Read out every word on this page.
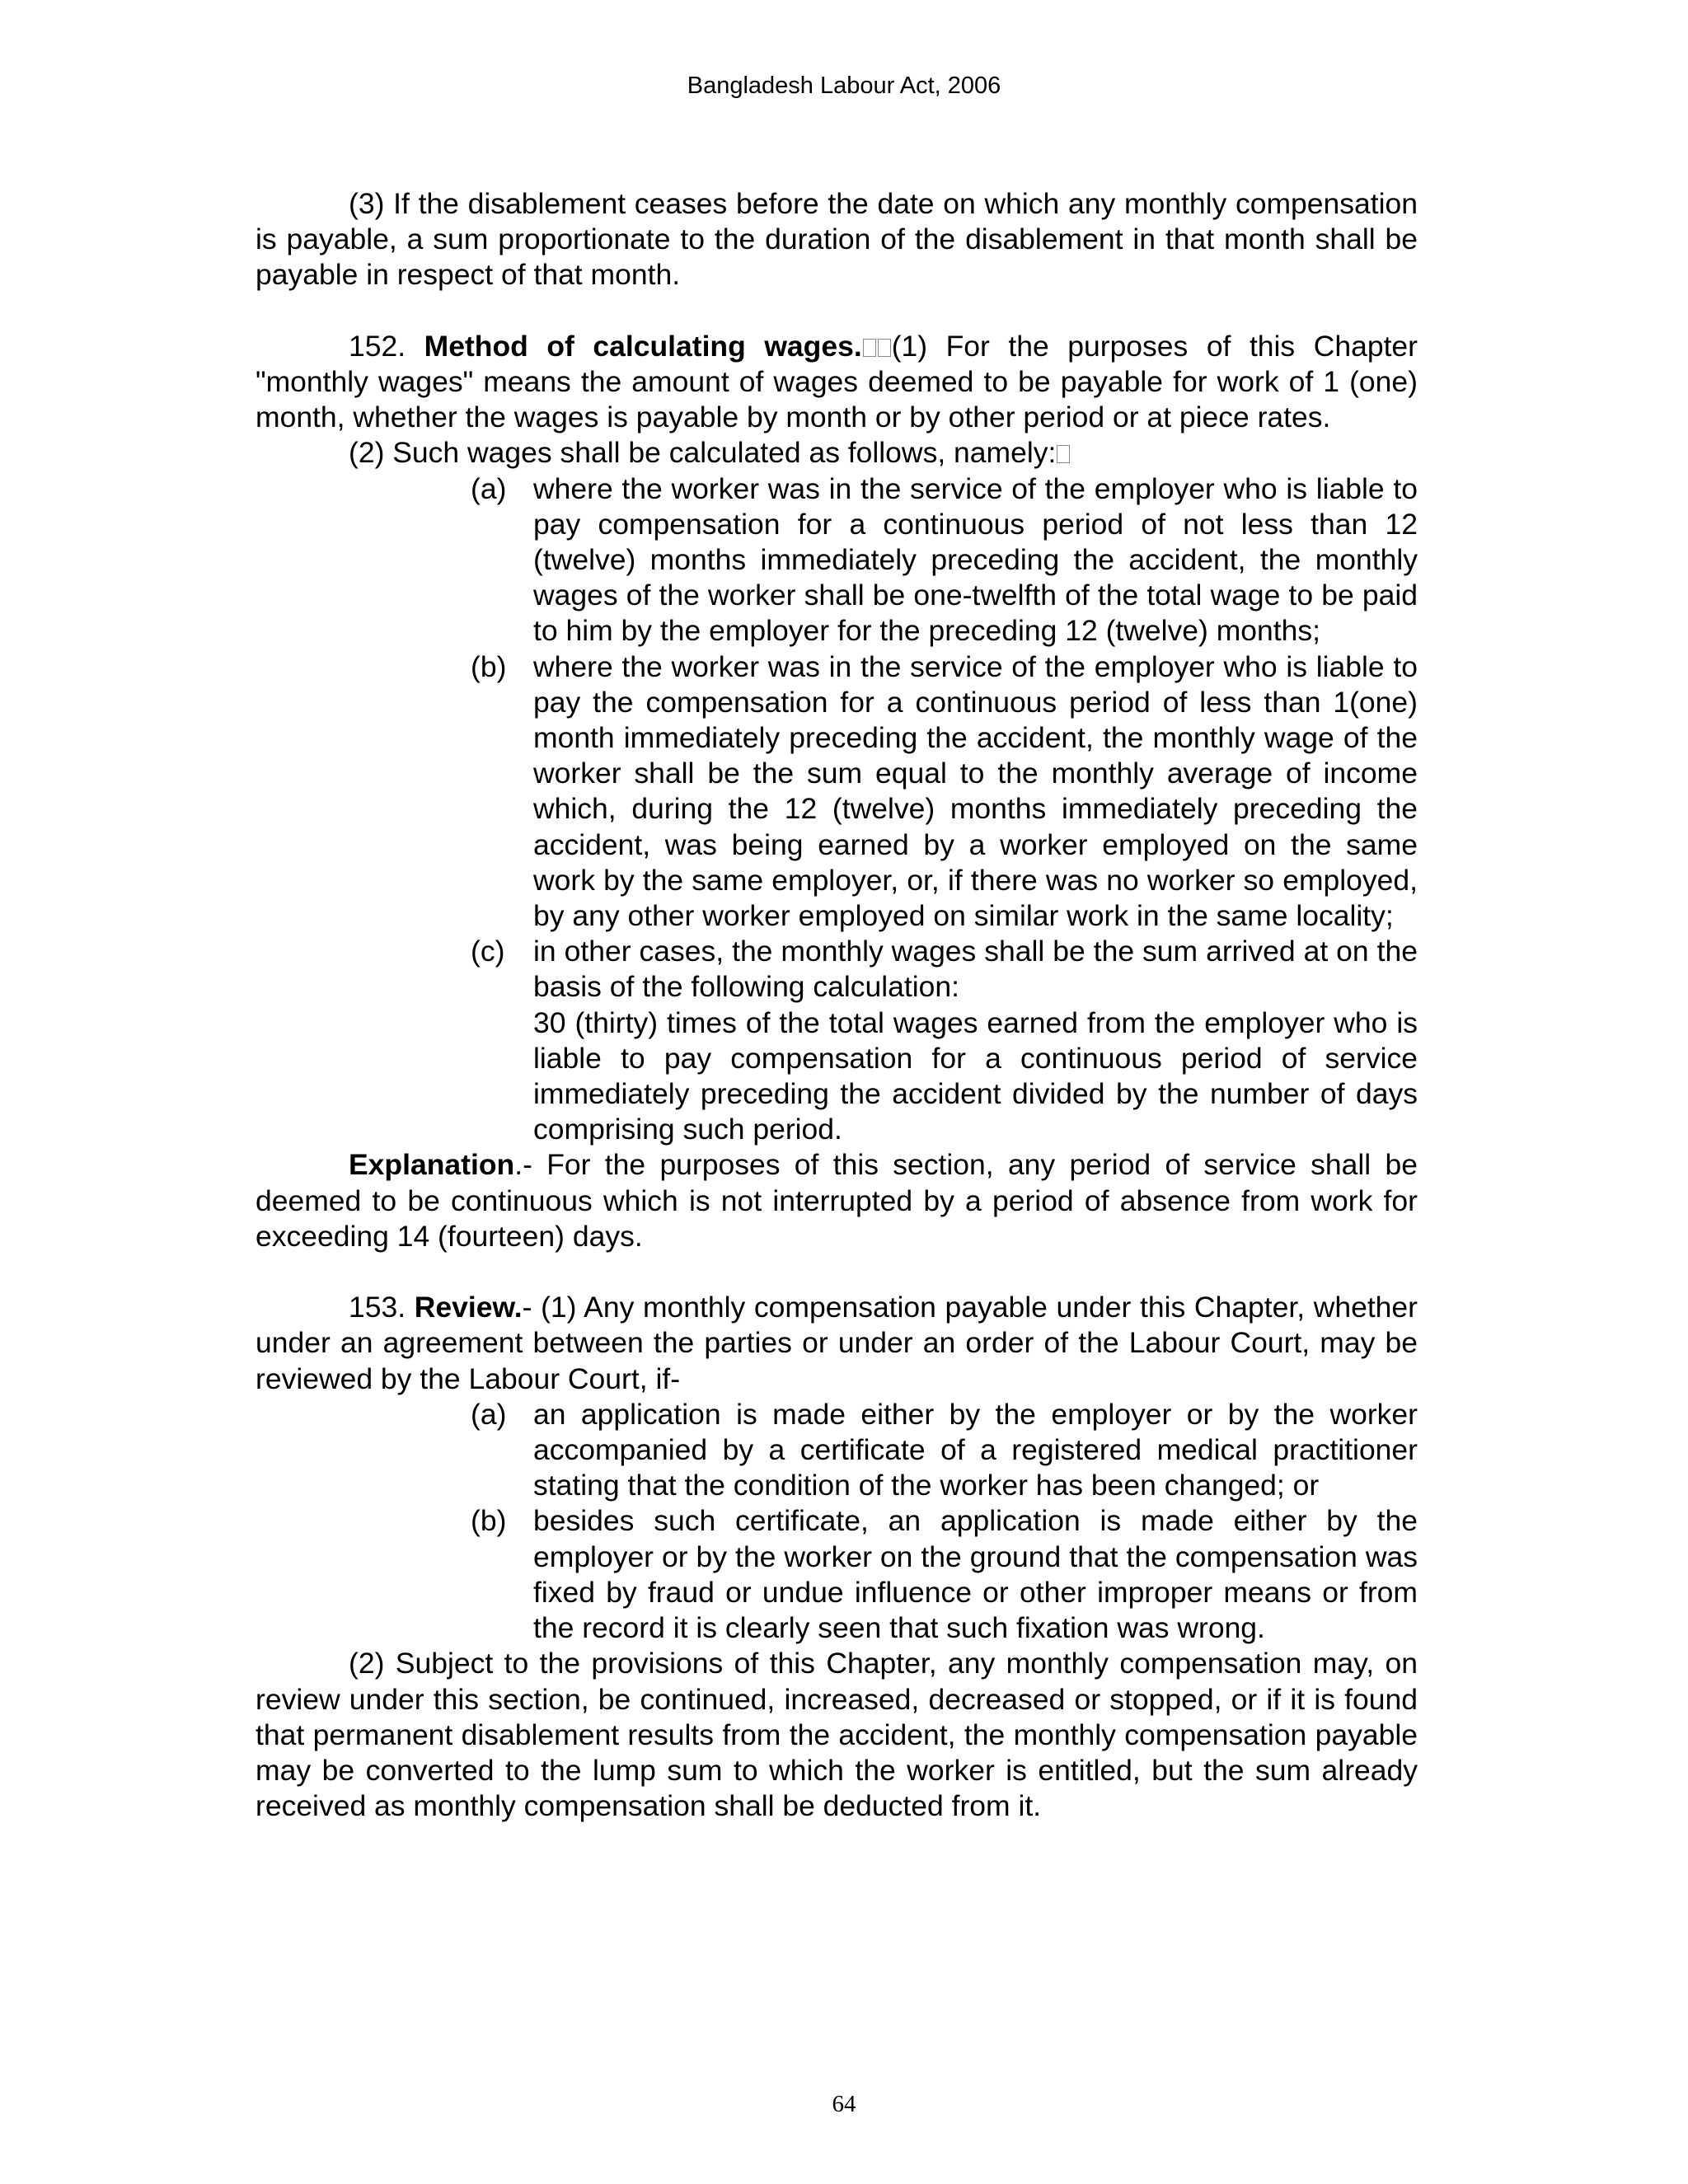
Bangladesh Labour Act, 2006

(3) If the disablement ceases before the date on which any monthly compensation is payable, a sum proportionate to the duration of the disablement in that month shall be payable in respect of that month.

152. Method of calculating wages. (1) For the purposes of this Chapter "monthly wages" means the amount of wages deemed to be payable for work of 1 (one) month, whether the wages is payable by month or by other period or at piece rates.

(2) Such wages shall be calculated as follows, namely:

(a) where the worker was in the service of the employer who is liable to pay compensation for a continuous period of not less than 12 (twelve) months immediately preceding the accident, the monthly wages of the worker shall be one-twelfth of the total wage to be paid to him by the employer for the preceding 12 (twelve) months;
(b) where the worker was in the service of the employer who is liable to pay the compensation for a continuous period of less than 1(one) month immediately preceding the accident, the monthly wage of the worker shall be the sum equal to the monthly average of income which, during the 12 (twelve) months immediately preceding the accident, was being earned by a worker employed on the same work by the same employer, or, if there was no worker so employed, by any other worker employed on similar work in the same locality;
(c) in other cases, the monthly wages shall be the sum arrived at on the basis of the following calculation:

30 (thirty) times of the total wages earned from the employer who is liable to pay compensation for a continuous period of service immediately preceding the accident divided by the number of days comprising such period.

Explanation.- For the purposes of this section, any period of service shall be deemed to be continuous which is not interrupted by a period of absence from work for exceeding 14 (fourteen) days.

153. Review.- (1) Any monthly compensation payable under this Chapter, whether under an agreement between the parties or under an order of the Labour Court, may be reviewed by the Labour Court, if-

(a) an application is made either by the employer or by the worker accompanied by a certificate of a registered medical practitioner stating that the condition of the worker has been changed; or
(b) besides such certificate, an application is made either by the employer or by the worker on the ground that the compensation was fixed by fraud or undue influence or other improper means or from the record it is clearly seen that such fixation was wrong.

(2) Subject to the provisions of this Chapter, any monthly compensation may, on review under this section, be continued, increased, decreased or stopped, or if it is found that permanent disablement results from the accident, the monthly compensation payable may be converted to the lump sum to which the worker is entitled, but the sum already received as monthly compensation shall be deducted from it.

64
